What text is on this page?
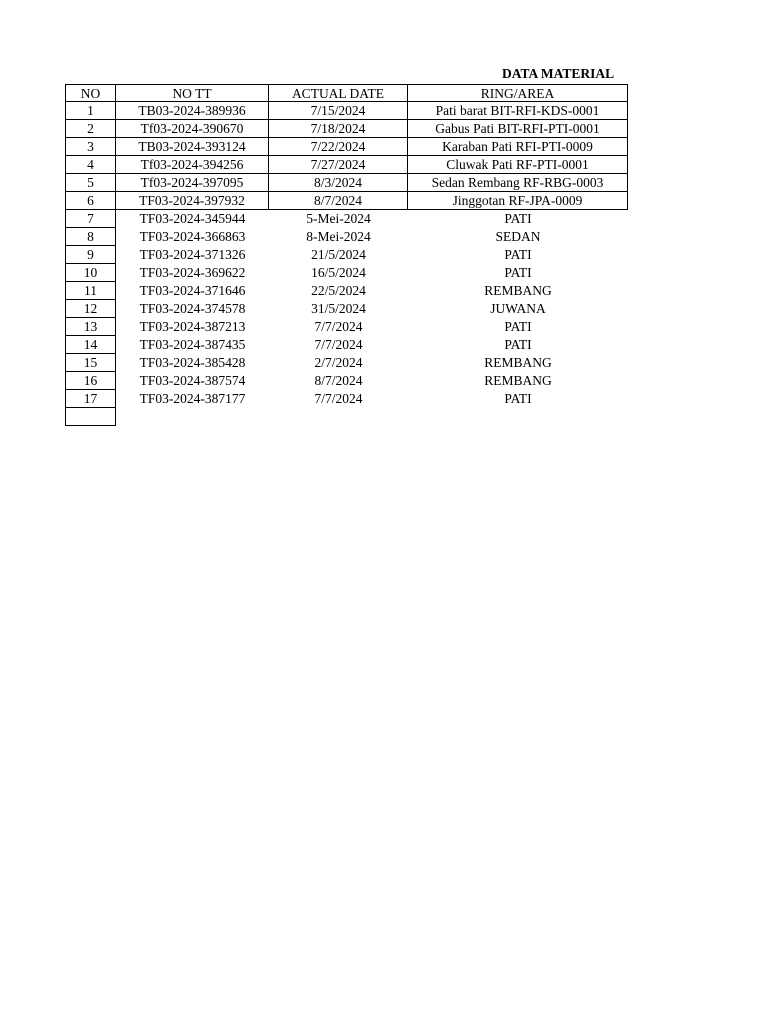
DATA MATERIAL
NO	NO TT	ACTUAL DATE	RING/AREA
1	TB03-2024-389936	7/15/2024	Pati barat BIT-RFI-KDS-0001
2	Tf03-2024-390670	7/18/2024	Gabus Pati BIT-RFI-PTI-0001
3	TB03-2024-393124	7/22/2024	Karaban Pati RFI-PTI-0009
4	Tf03-2024-394256	7/27/2024	Cluwak Pati RF-PTI-0001
5	Tf03-2024-397095	8/3/2024	Sedan Rembang RF-RBG-0003
6	TF03-2024-397932	8/7/2024	Jinggotan RF-JPA-0009
7	TF03-2024-345944	5-Mei-2024	PATI
8	TF03-2024-366863	8-Mei-2024	SEDAN
9	TF03-2024-371326	21/5/2024	PATI
10	TF03-2024-369622	16/5/2024	PATI
11	TF03-2024-371646	22/5/2024	REMBANG
12	TF03-2024-374578	31/5/2024	JUWANA
13	TF03-2024-387213	7/7/2024	PATI
14	TF03-2024-387435	7/7/2024	PATI
15	TF03-2024-385428	2/7/2024	REMBANG
16	TF03-2024-387574	8/7/2024	REMBANG
17	TF03-2024-387177	7/7/2024	PATI
